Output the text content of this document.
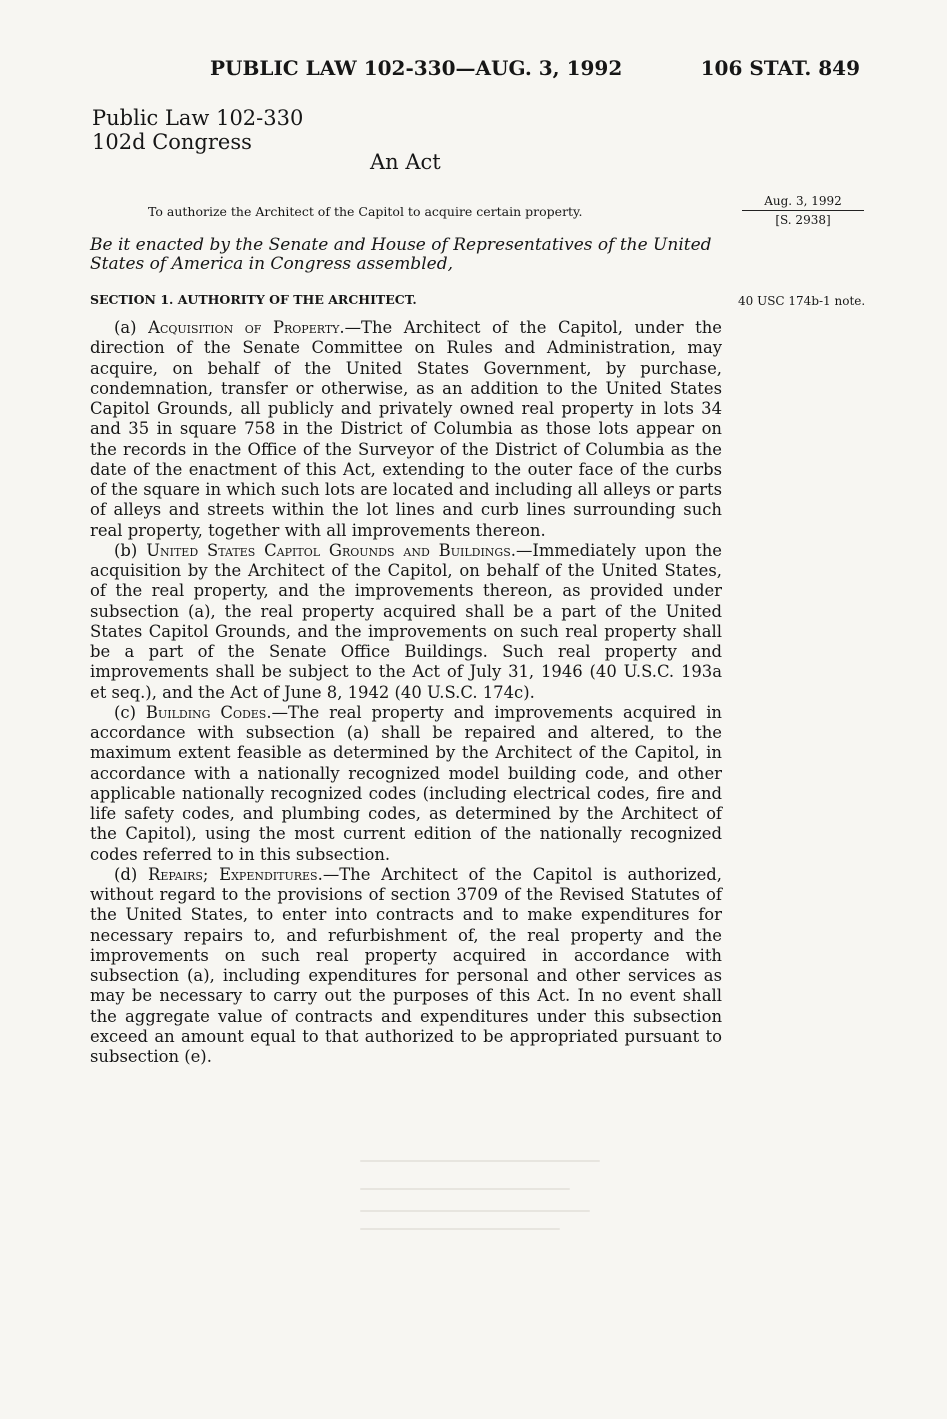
PUBLIC LAW 102-330—AUG. 3, 1992	106 STAT. 849
Public Law 102-330
102d Congress
An Act
To authorize the Architect of the Capitol to acquire certain property.
Aug. 3, 1992
[S. 2938]
40 USC 174b-1 note.
Be it enacted by the Senate and House of Representatives of the United States of America in Congress assembled,
SECTION 1. AUTHORITY OF THE ARCHITECT.

(a) Acquisition of Property.—The Architect of the Capitol, under the direction of the Senate Committee on Rules and Administration, may acquire, on behalf of the United States Government, by purchase, condemnation, transfer or otherwise, as an addition to the United States Capitol Grounds, all publicly and privately owned real property in lots 34 and 35 in square 758 in the District of Columbia as those lots appear on the records in the Office of the Surveyor of the District of Columbia as the date of the enactment of this Act, extending to the outer face of the curbs of the square in which such lots are located and including all alleys or parts of alleys and streets within the lot lines and curb lines surrounding such real property, together with all improvements thereon.

(b) United States Capitol Grounds and Buildings.—Immediately upon the acquisition by the Architect of the Capitol, on behalf of the United States, of the real property, and the improvements thereon, as provided under subsection (a), the real property acquired shall be a part of the United States Capitol Grounds, and the improvements on such real property shall be a part of the Senate Office Buildings. Such real property and improvements shall be subject to the Act of July 31, 1946 (40 U.S.C. 193a et seq.), and the Act of June 8, 1942 (40 U.S.C. 174c).

(c) Building Codes.—The real property and improvements acquired in accordance with subsection (a) shall be repaired and altered, to the maximum extent feasible as determined by the Architect of the Capitol, in accordance with a nationally recognized model building code, and other applicable nationally recognized codes (including electrical codes, fire and life safety codes, and plumbing codes, as determined by the Architect of the Capitol), using the most current edition of the nationally recognized codes referred to in this subsection.

(d) Repairs; Expenditures.—The Architect of the Capitol is authorized, without regard to the provisions of section 3709 of the Revised Statutes of the United States, to enter into contracts and to make expenditures for necessary repairs to, and refurbishment of, the real property and the improvements on such real property acquired in accordance with subsection (a), including expenditures for personal and other services as may be necessary to carry out the purposes of this Act. In no event shall the aggregate value of contracts and expenditures under this subsection exceed an amount equal to that authorized to be appropriated pursuant to subsection (e).
